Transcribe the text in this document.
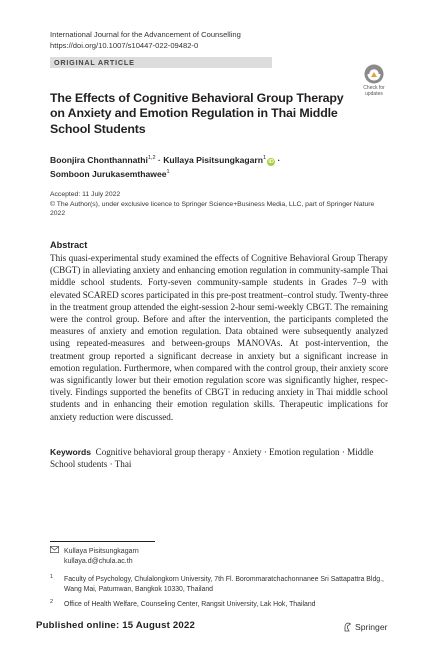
International Journal for the Advancement of Counselling
https://doi.org/10.1007/s10447-022-09482-0
ORIGINAL ARTICLE
Check for
updates
The Effects of Cognitive Behavioral Group Therapy on Anxiety and Emotion Regulation in Thai Middle School Students
Boonjira Chonthannathi$^{1,2}$ · Kullaya Pisitsungkagarn$^1$iD ·
Somboon Jurukasemthawee$^1$
Accepted: 11 July 2022
© The Author(s), under exclusive licence to Springer Science+Business Media, LLC, part of Springer Nature 2022
Abstract
This quasi-experimental study examined the effects of Cognitive Behavioral Group Therapy (CBGT) in alleviating anxiety and enhancing emotion regulation in community-sample Thai middle school students. Forty-seven community-sample students in Grades 7–9 with elevated SCARED scores participated in this pre-post treatment–control study. Twenty-three in the treatment group attended the eight-session 2-hour semi-weekly CBGT. The remaining were the control group. Before and after the intervention, the participants completed the measures of anxiety and emotion regulation. Data obtained were subsequently analyzed using repeated-measures and between-groups MANOVAs. At post-intervention, the treatment group reported a significant decrease in anxiety but a significant increase in emotion regulation. Furthermore, when compared with the control group, their anxiety score was significantly lower but their emotion regulation score was significantly higher, respectively. Findings supported the benefits of CBGT in reducing anxiety in Thai middle school students and in enhancing their emotion regulation skills. Therapeutic implications for anxiety reduction were discussed.
Keywords Cognitive behavioral group therapy · Anxiety · Emotion regulation · Middle School students · Thai
Kullaya Pisitsungkagarn
kullaya.d@chula.ac.th
1 Faculty of Psychology, Chulalongkorn University, 7th Fl. Borommaratchachonnanee Sri Sattapattra Bldg., Wang Mai, Patumwan, Bangkok 10330, Thailand
2 Office of Health Welfare, Counseling Center, Rangsit University, Lak Hok, Thailand
Published online: 15 August 2022	Springer
